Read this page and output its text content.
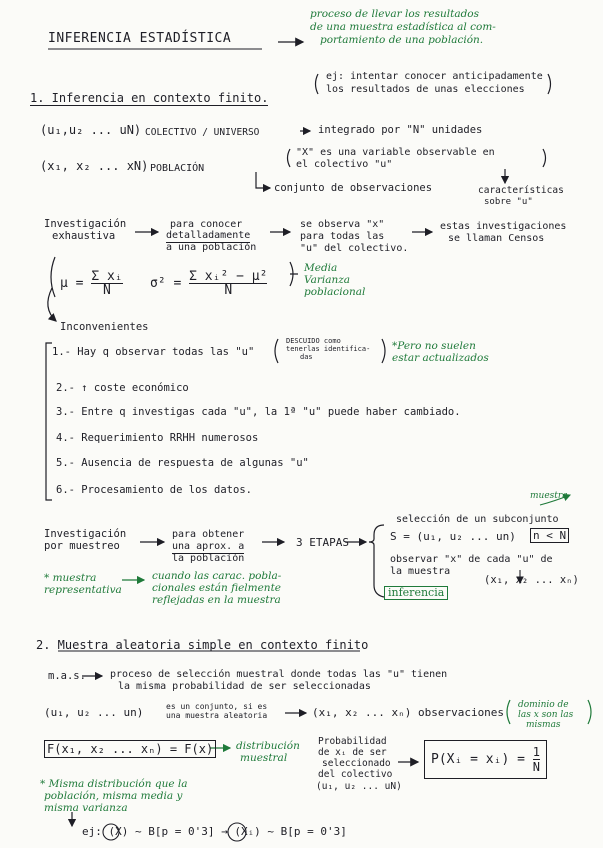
INFERENCIA ESTADÍSTICA
proceso de llevar los resultados
de una muestra estadística al com-
portamiento de una población.
ej: intentar conocer anticipadamente
los resultados de unas elecciones
1. Inferencia en contexto finito.
(u₁,u₂ ... uN) COLECTIVO / UNIVERSO	integrado por "N" unidades
"X" es una variable observable en
el colectivo "u"
(x₁, x₂ ... xN) POBLACIÓN
conjunto de observaciones	características
sobre "u"
Investigación
exhaustiva
para conocer
detalladamente
a una población
se observa "x"
para todas las
"u" del colectivo.
estas investigaciones
se llaman Censos
$\mu = \frac{\text{Σ xᵢ}}{N} \sigma^2 = \frac{\text{Σ xᵢ² − μ²}}{N}$
Media
Varianza
poblacional
Inconvenientes
1.- Hay q observar todas las "u"
DESCUIDO como
tenerlas identifica-
das
*Pero no suelen
estar actualizados
2.- ↑ coste económico
3.- Entre q investigas cada "u", la 1ª "u" puede haber cambiado.
4.- Requerimiento RRHH numerosos
5.- Ausencia de respuesta de algunas "u"
6.- Procesamiento de los datos.
Investigación
por muestreo
para obtener
una aprox. a
la población
3 ETAPAS
muestra
selección de un subconjunto
S = (u₁, u₂ ... un) n < N
observar "x" de cada "u" de
la muestra
(x₁, x₂ ... xₙ)
inferencia
* muestra
representativa
cuando las carac. pobla-
cionales están fielmente
reflejadas en la muestra
2. Muestra aleatoria simple en contexto finito
m.a.s. proceso de selección muestral donde todas las "u" tienen
la misma probabilidad de ser seleccionadas
(u₁, u₂ ... un)	es un conjunto, si es
una muestra aleatoria	(x₁, x₂ ... xₙ) observaciones
dominio de
las x son las
mismas
F(x₁, x₂ ... xₙ) = F(x) distribución
muestral
Probabilidad
de xᵢ de ser
seleccionado
del colectivo
(u₁, u₂ ... uN)
P(Xᵢ = xᵢ) = $\frac{1}{N}$
* Misma distribución que la
población, misma media y
misma varianza
ej: (X) ~ B[p = 0'3] → (Xᵢ) ~ B[p = 0'3]
